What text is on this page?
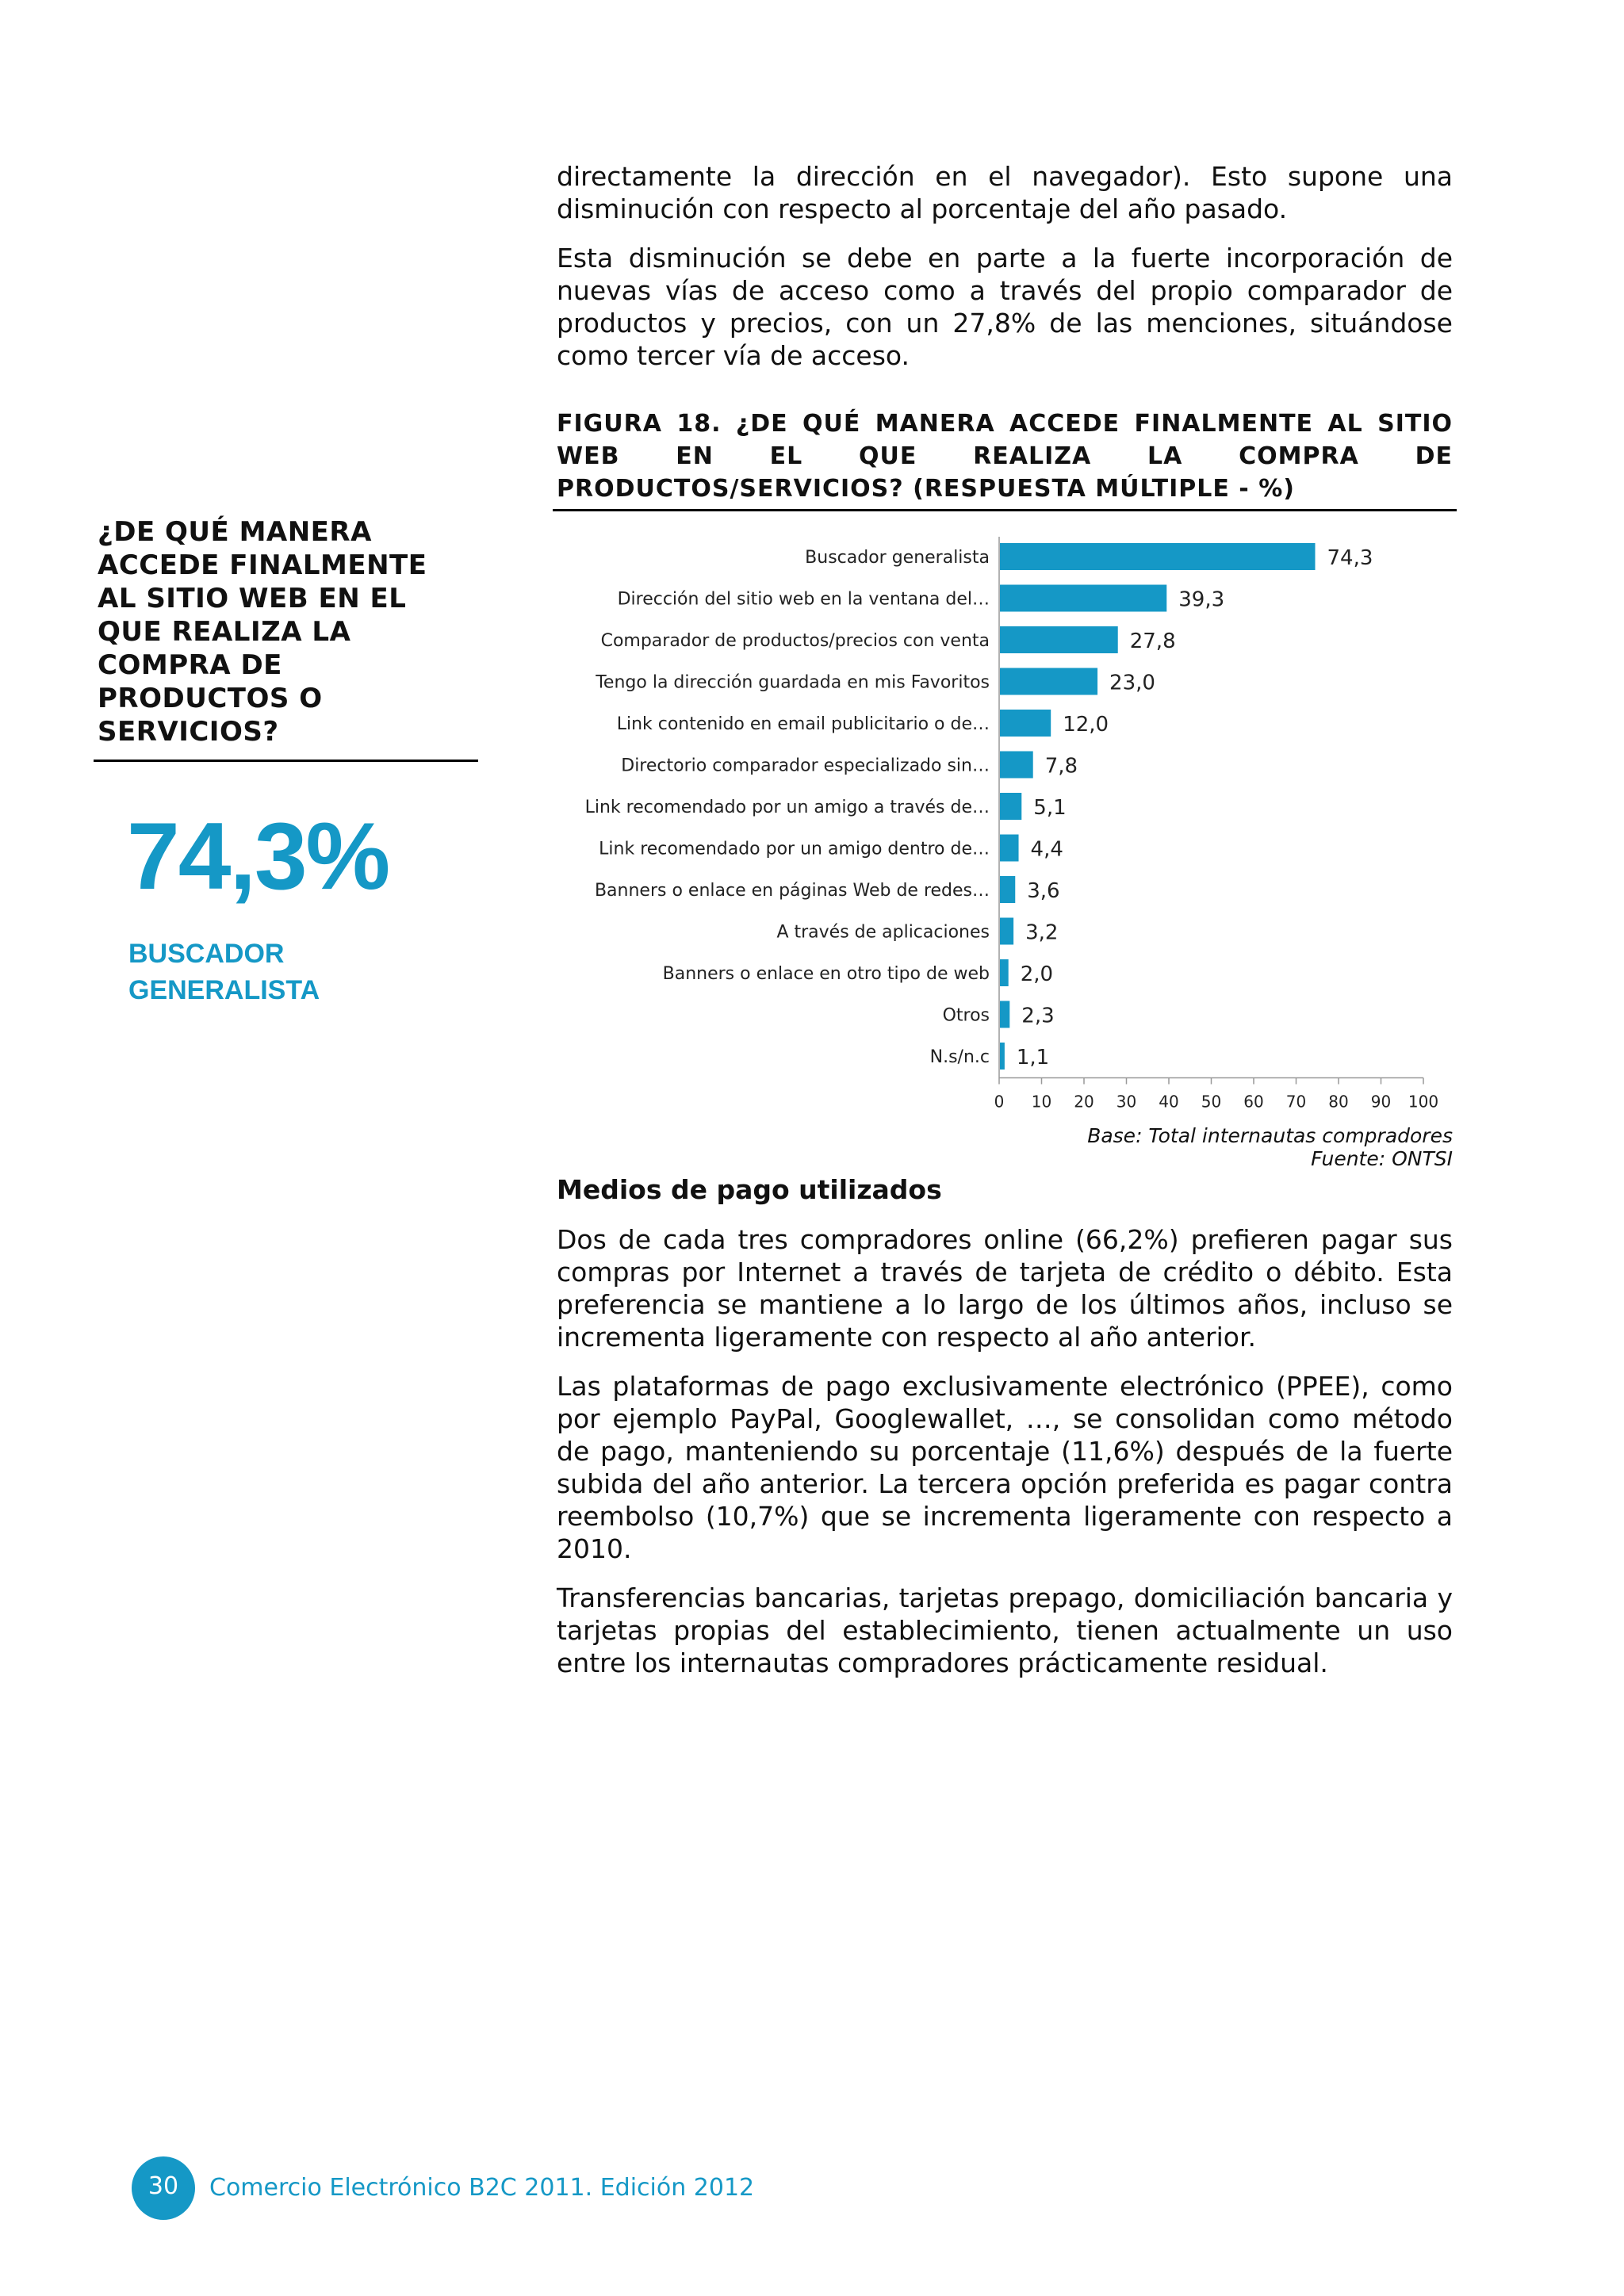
directamente la dirección en el navegador). Esto supone una disminución con respecto al porcentaje del año pasado.

Esta disminución se debe en parte a la fuerte incorporación de nuevas vías de acceso como a través del propio comparador de productos y precios, con un 27,8% de las menciones, situándose como tercer vía de acceso.

FIGURA 18. ¿DE QUÉ MANERA ACCEDE FINALMENTE AL SITIO WEB EN EL QUE REALIZA LA COMPRA DE PRODUCTOS/SERVICIOS? (RESPUESTA MÚLTIPLE - %)

¿DE QUÉ MANERA ACCEDE FINALMENTE AL SITIO WEB EN EL QUE REALIZA LA COMPRA DE PRODUCTOS O SERVICIOS?

74,3%
BUSCADOR GENERALISTA
Buscador generalista
Dirección del sitio web en la ventana del…
Comparador de productos/precios con venta
Tengo la dirección guardada en mis Favoritos
Link contenido en email publicitario o de…
Directorio comparador especializado sin…
Link recomendado por un amigo a través de…
Link recomendado por un amigo dentro de…
Banners o enlace en páginas Web de redes…
A través de aplicaciones
Banners o enlace en otro tipo de web
Otros
N.s/n.c
74,3
39,3
27,8
23,0
12,0
7,8
5,1
4,4
3,6
3,2
2,0
2,3
1,1
0 10 20 30 40 50 60 70 80 90 100
Base: Total internautas compradores
Fuente: ONTSI

Medios de pago utilizados

Dos de cada tres compradores online (66,2%) prefieren pagar sus compras por Internet a través de tarjeta de crédito o débito. Esta preferencia se mantiene a lo largo de los últimos años, incluso se incrementa ligeramente con respecto al año anterior.

Las plataformas de pago exclusivamente electrónico (PPEE), como por ejemplo PayPal, Googlewallet, …, se consolidan como método de pago, manteniendo su porcentaje (11,6%) después de la fuerte subida del año anterior. La tercera opción preferida es pagar contra reembolso (10,7%) que se incrementa ligeramente con respecto a 2010.

Transferencias bancarias, tarjetas prepago, domiciliación bancaria y tarjetas propias del establecimiento, tienen actualmente un uso entre los internautas compradores prácticamente residual.

30	Comercio Electrónico B2C 2011. Edición 2012
